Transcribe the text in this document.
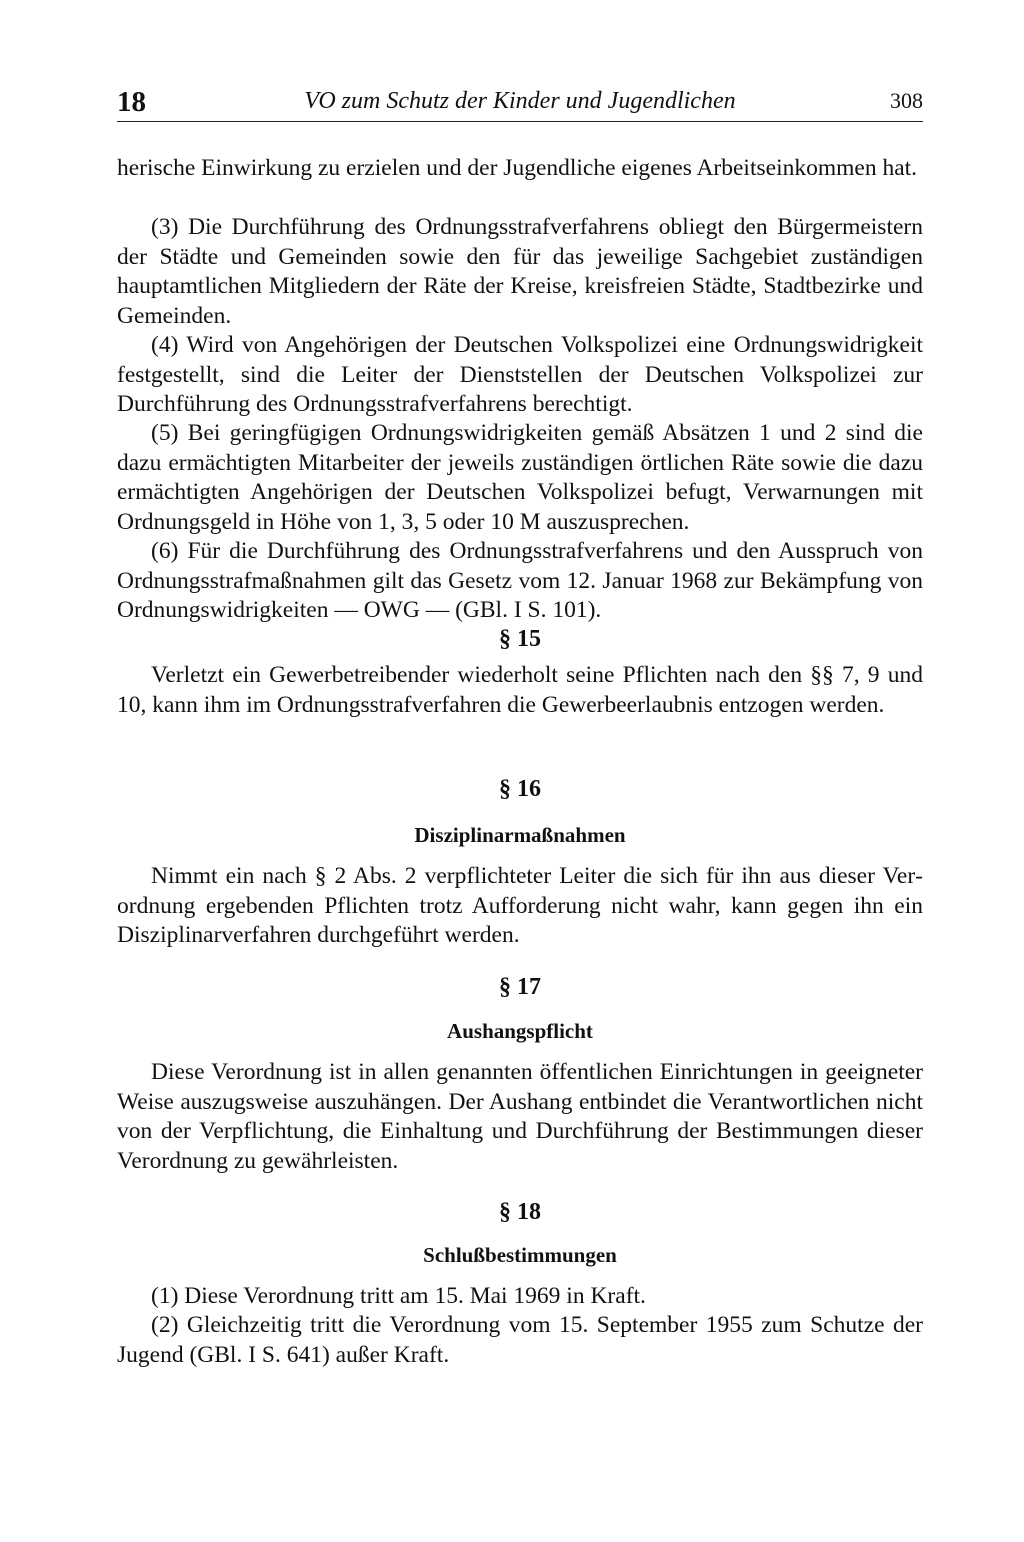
VO zum Schutz der Kinder und Jugendlichen
18	308

herische Einwirkung zu erzielen und der Jugendliche eigenes Arbeitseinkommen hat.

(3) Die Durchführung des Ordnungsstrafverfahrens obliegt den Bürgermeistern der Städte und Gemeinden sowie den für das jeweilige Sachgebiet zuständigen hauptamtlichen Mitgliedern der Räte der Kreise, kreisfreien Städte, Stadtbezirke und Gemeinden.

(4) Wird von Angehörigen der Deutschen Volkspolizei eine Ordnungswidrigkeit festgestellt, sind die Leiter der Dienststellen der Deutschen Volkspolizei zur Durchführung des Ordnungsstrafverfahrens berechtigt.

(5) Bei geringfügigen Ordnungswidrigkeiten gemäß Absätzen 1 und 2 sind die dazu ermächtigten Mitarbeiter der jeweils zuständigen örtlichen Räte sowie die dazu ermächtigten Angehörigen der Deutschen Volkspolizei befugt, Verwarnungen mit Ordnungsgeld in Höhe von 1, 3, 5 oder 10 M auszusprechen.

(6) Für die Durchführung des Ordnungsstrafverfahrens und den Ausspruch von Ordnungsstrafmaßnahmen gilt das Gesetz vom 12. Januar 1968 zur Bekämpfung von Ordnungswidrigkeiten — OWG — (GBl. I S. 101).

§ 15

Verletzt ein Gewerbetreibender wiederholt seine Pflichten nach den §§ 7, 9 und 10, kann ihm im Ordnungsstrafverfahren die Gewerbeerlaubnis entzogen werden.

§ 16
Disziplinarmaßnahmen

Nimmt ein nach § 2 Abs. 2 verpflichteter Leiter die sich für ihn aus dieser Verordnung ergebenden Pflichten trotz Aufforderung nicht wahr, kann gegen ihn ein Disziplinarverfahren durchgeführt werden.

§ 17
Aushangspflicht

Diese Verordnung ist in allen genannten öffentlichen Einrichtungen in geeigneter Weise auszugsweise auszuhängen. Der Aushang entbindet die Verantwortlichen nicht von der Verpflichtung, die Einhaltung und Durchführung der Bestimmungen dieser Verordnung zu gewährleisten.

§ 18
Schlußbestimmungen

(1) Diese Verordnung tritt am 15. Mai 1969 in Kraft.

(2) Gleichzeitig tritt die Verordnung vom 15. September 1955 zum Schutze der Jugend (GBl. I S. 641) außer Kraft.
